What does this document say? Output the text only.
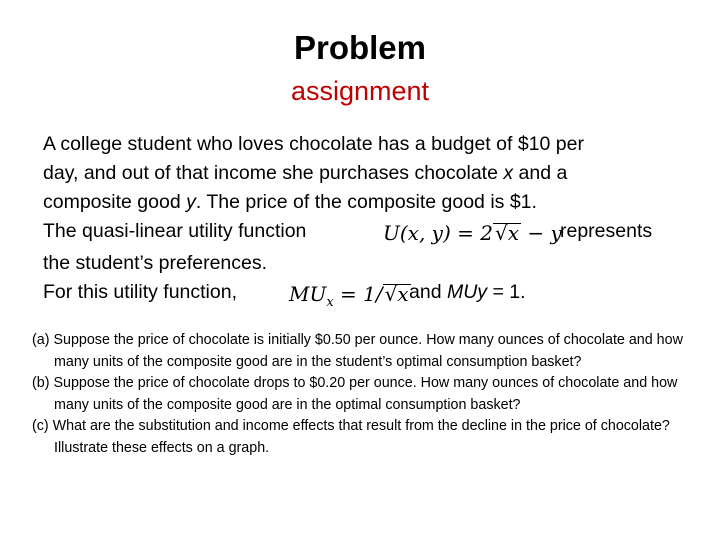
Problem
assignment
A college student who loves chocolate has a budget of $10 per
day, and out of that income she purchases chocolate x and a
composite good y. The price of the composite good is $1.
The quasi-linear utility function	U(x, y) = 2 √x − y
represents
the student’s preferences.
For this utility function,	$MU_x = 1/$ √x and MUy = 1.
(a) Suppose the price of chocolate is initially $0.50 per ounce. How many ounces of chocolate and how many units of the composite good are in the student’s optimal consumption basket?
(b) Suppose the price of chocolate drops to $0.20 per ounce. How many ounces of chocolate and how many units of the composite good are in the optimal consumption basket?
(c) What are the substitution and income effects that result from the decline in the price of chocolate? Illustrate these effects on a graph.
